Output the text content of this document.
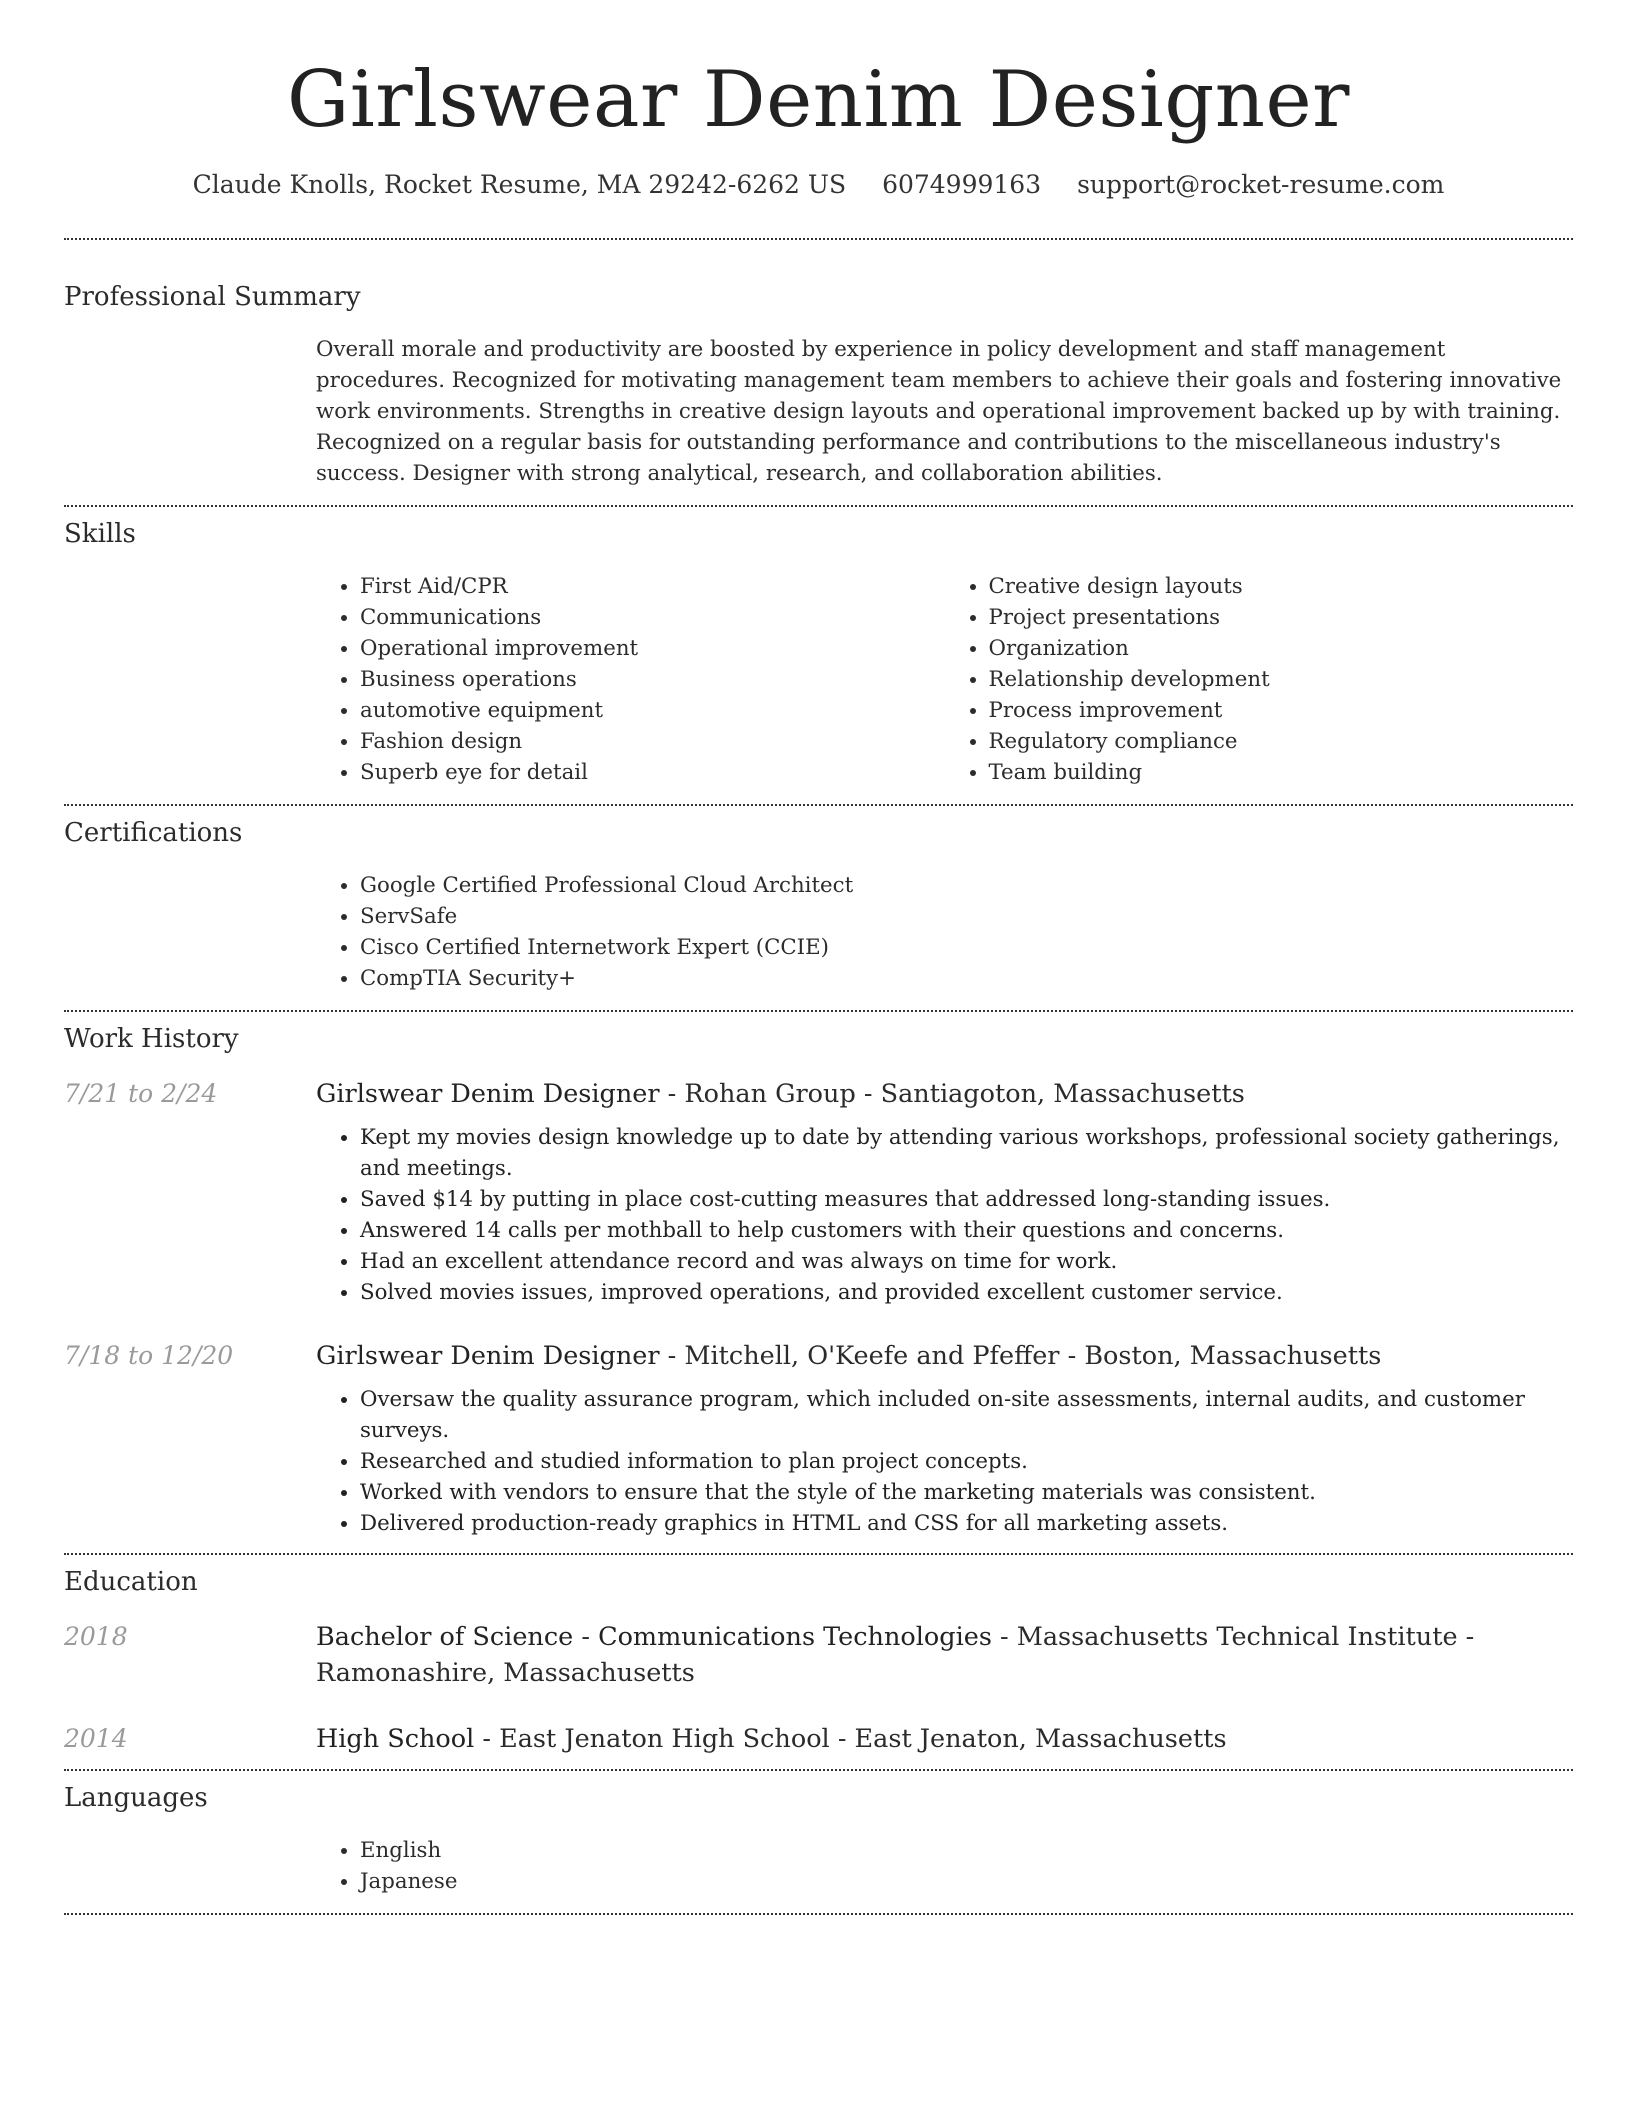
Girlswear Denim Designer
Claude Knolls, Rocket Resume, MA 29242-6262 US 6074999163 support@rocket-resume.com
Professional Summary

Overall morale and productivity are boosted by experience in policy development and staff management procedures. Recognized for motivating management team members to achieve their goals and fostering innovative work environments. Strengths in creative design layouts and operational improvement backed up by with training. Recognized on a regular basis for outstanding performance and contributions to the miscellaneous industry's success. Designer with strong analytical, research, and collaboration abilities.

Skills
• First Aid/CPR
• Communications
• Operational improvement
• Business operations
• automotive equipment
• Fashion design
• Superb eye for detail
• Creative design layouts
• Project presentations
• Organization
• Relationship development
• Process improvement
• Regulatory compliance
• Team building
Certifications
• Google Certified Professional Cloud Architect
• ServSafe
• Cisco Certified Internetwork Expert (CCIE)
• CompTIA Security+
Work History
7/21 to 2/24	Girlswear Denim Designer - Rohan Group - Santiagoton, Massachusetts

• Kept my movies design knowledge up to date by attending various workshops, professional society gatherings, and meetings.
• Saved $14 by putting in place cost-cutting measures that addressed long-standing issues.
• Answered 14 calls per mothball to help customers with their questions and concerns.
• Had an excellent attendance record and was always on time for work.
• Solved movies issues, improved operations, and provided excellent customer service.
7/18 to 12/20	Girlswear Denim Designer - Mitchell, O'Keefe and Pfeffer - Boston, Massachusetts

• Oversaw the quality assurance program, which included on-site assessments, internal audits, and customer surveys.
• Researched and studied information to plan project concepts.
• Worked with vendors to ensure that the style of the marketing materials was consistent.
• Delivered production-ready graphics in HTML and CSS for all marketing assets.
Education
2018	Bachelor of Science - Communications Technologies - Massachusetts Technical Institute - Ramonashire, Massachusetts

2014	High School - East Jenaton High School - East Jenaton, Massachusetts

Languages
• English
• Japanese
